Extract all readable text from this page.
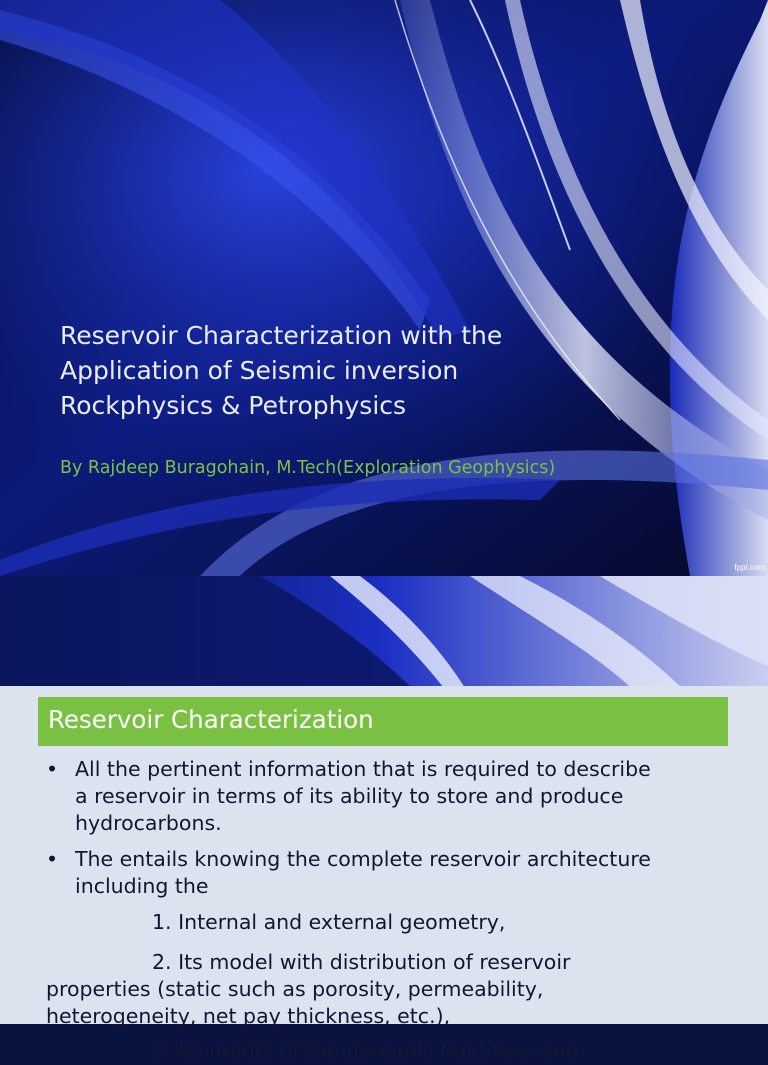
Reservoir Characterization with the
Application of Seismic inversion
Rockphysics & Petrophysics

By Rajdeep Buragohain, M.Tech(Exploration Geophysics)

fppt.com
Reservoir Characterization
• All the pertinent information that is required to describe
a reservoir in terms of its ability to store and produce
hydrocarbons.
• The entails knowing the complete reservoir architecture
including the
1. Internal and external geometry,
2. Its model with distribution of reservoir
properties (static such as porosity, permeability,
heterogeneity, net pay thickness, etc.),
3. Its model of the dynamic fluid flow and
